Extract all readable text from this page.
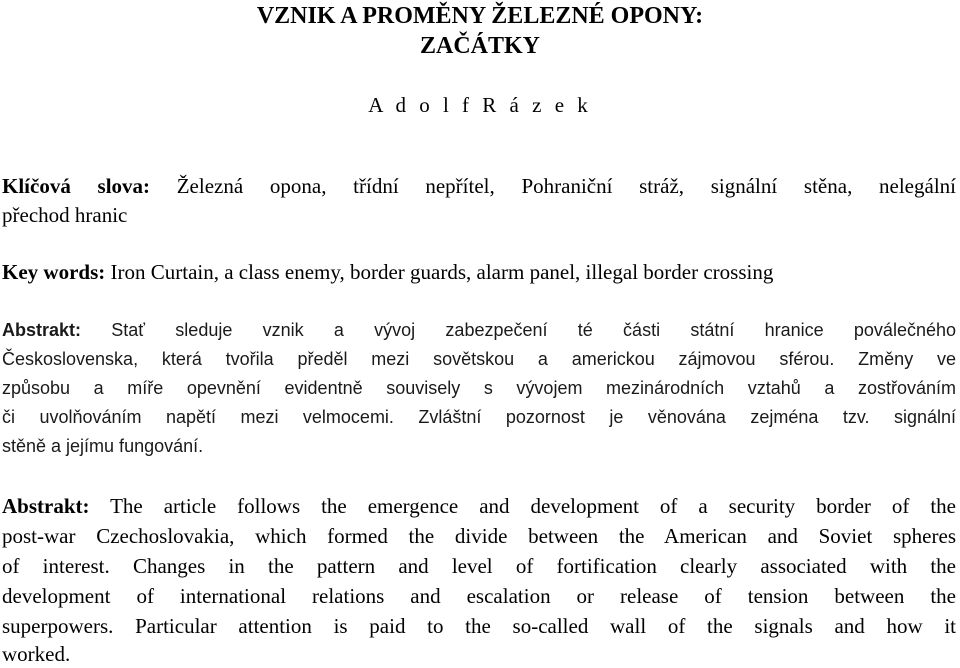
VZNIK A PROMĚNY ŽELEZNÉ OPONY:
ZAČÁTKY
A d o l f R á z e k
Klíčová slova: Železná opona, třídní nepřítel, Pohraniční stráž, signální stěna, nelegální
přechod hranic
Key words: Iron Curtain, a class enemy, border guards, alarm panel, illegal border crossing
Abstrakt: Stať sleduje vznik a vývoj zabezpečení té části státní hranice poválečného
Československa, která tvořila předěl mezi sovětskou a americkou zájmovou sférou. Změny ve
způsobu a míře opevnění evidentně souvisely s vývojem mezinárodních vztahů a zostřováním
či uvolňováním napětí mezi velmocemi. Zvláštní pozornost je věnována zejména tzv. signální
stěně a jejímu fungování.
Abstrakt: The article follows the emergence and development of a security border of the
post-war Czechoslovakia, which formed the divide between the American and Soviet spheres
of interest. Changes in the pattern and level of fortification clearly associated with the
development of international relations and escalation or release of tension between the
superpowers. Particular attention is paid to the so-called wall of the signals and how it
worked.
